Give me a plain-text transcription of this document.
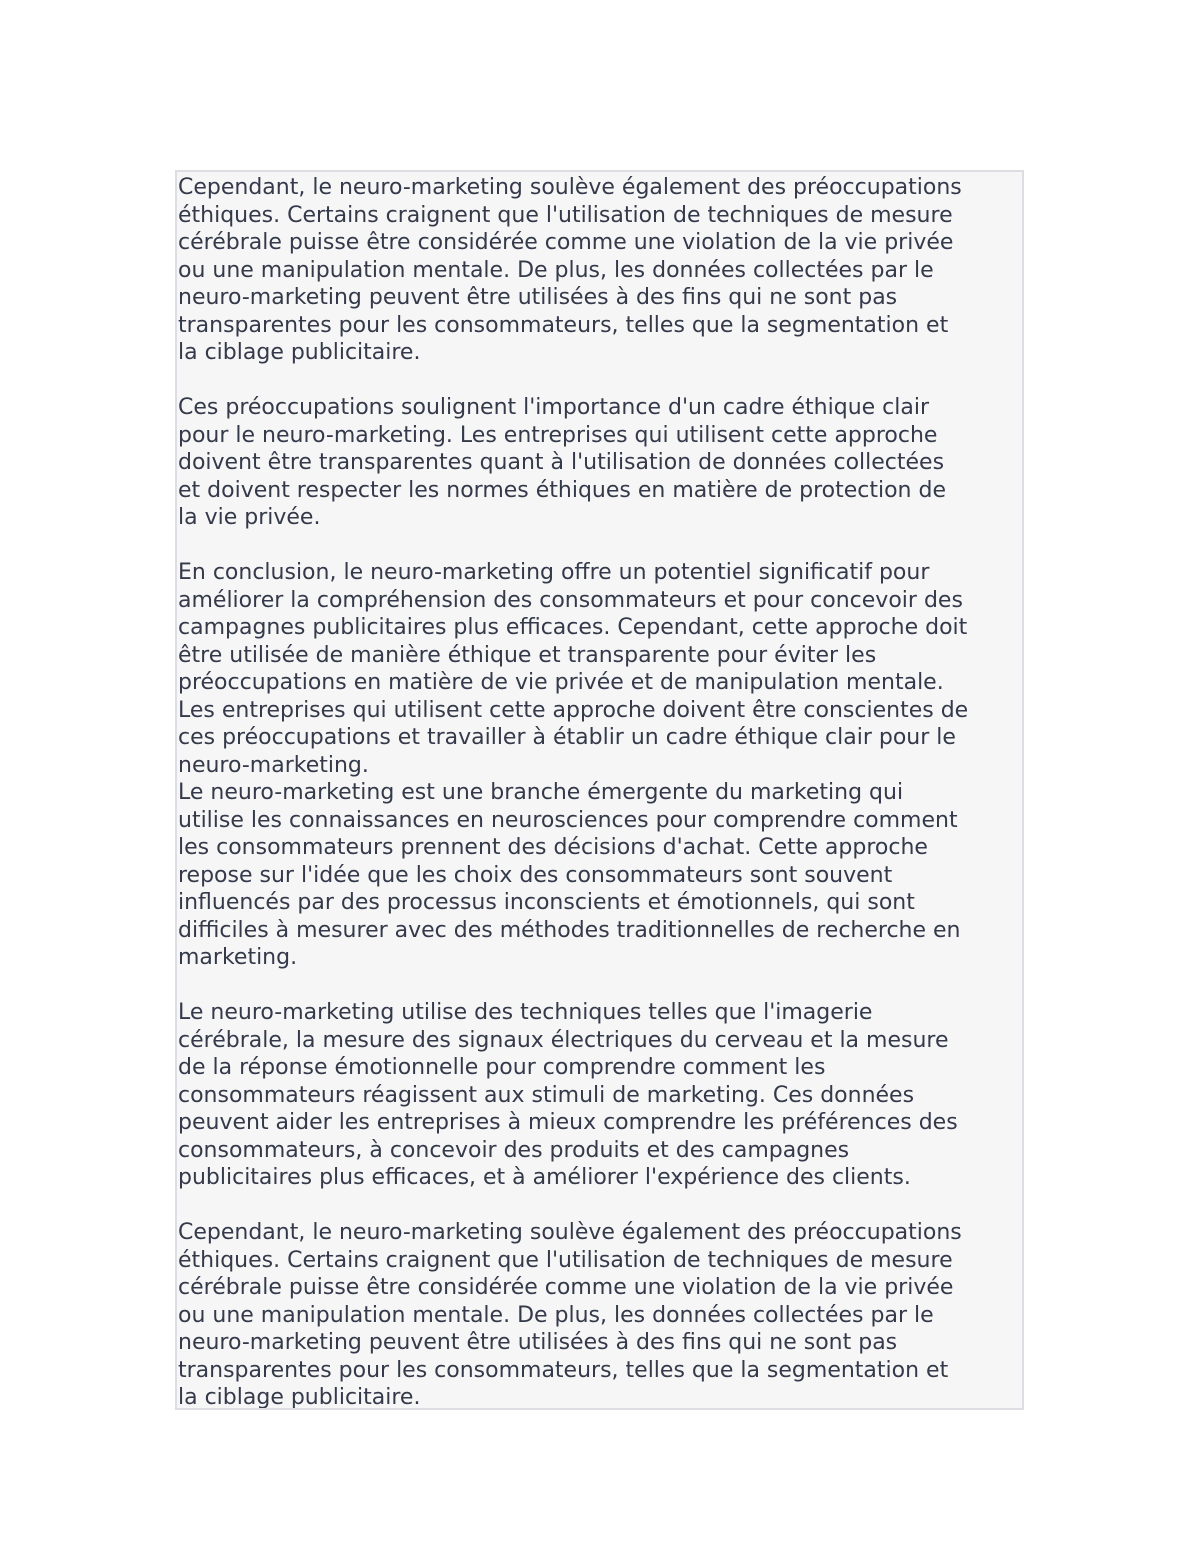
Cependant, le neuro-marketing soulève également des préoccupations
éthiques. Certains craignent que l'utilisation de techniques de mesure
cérébrale puisse être considérée comme une violation de la vie privée
ou une manipulation mentale. De plus, les données collectées par le
neuro-marketing peuvent être utilisées à des fins qui ne sont pas
transparentes pour les consommateurs, telles que la segmentation et
la ciblage publicitaire.

Ces préoccupations soulignent l'importance d'un cadre éthique clair
pour le neuro-marketing. Les entreprises qui utilisent cette approche
doivent être transparentes quant à l'utilisation de données collectées
et doivent respecter les normes éthiques en matière de protection de
la vie privée.

En conclusion, le neuro-marketing offre un potentiel significatif pour
améliorer la compréhension des consommateurs et pour concevoir des
campagnes publicitaires plus efficaces. Cependant, cette approche doit
être utilisée de manière éthique et transparente pour éviter les
préoccupations en matière de vie privée et de manipulation mentale.
Les entreprises qui utilisent cette approche doivent être conscientes de
ces préoccupations et travailler à établir un cadre éthique clair pour le
neuro-marketing.

Le neuro-marketing est une branche émergente du marketing qui
utilise les connaissances en neurosciences pour comprendre comment
les consommateurs prennent des décisions d'achat. Cette approche
repose sur l'idée que les choix des consommateurs sont souvent
influencés par des processus inconscients et émotionnels, qui sont
difficiles à mesurer avec des méthodes traditionnelles de recherche en
marketing.

Le neuro-marketing utilise des techniques telles que l'imagerie
cérébrale, la mesure des signaux électriques du cerveau et la mesure
de la réponse émotionnelle pour comprendre comment les
consommateurs réagissent aux stimuli de marketing. Ces données
peuvent aider les entreprises à mieux comprendre les préférences des
consommateurs, à concevoir des produits et des campagnes
publicitaires plus efficaces, et à améliorer l'expérience des clients.

Cependant, le neuro-marketing soulève également des préoccupations
éthiques. Certains craignent que l'utilisation de techniques de mesure
cérébrale puisse être considérée comme une violation de la vie privée
ou une manipulation mentale. De plus, les données collectées par le
neuro-marketing peuvent être utilisées à des fins qui ne sont pas
transparentes pour les consommateurs, telles que la segmentation et
la ciblage publicitaire.
